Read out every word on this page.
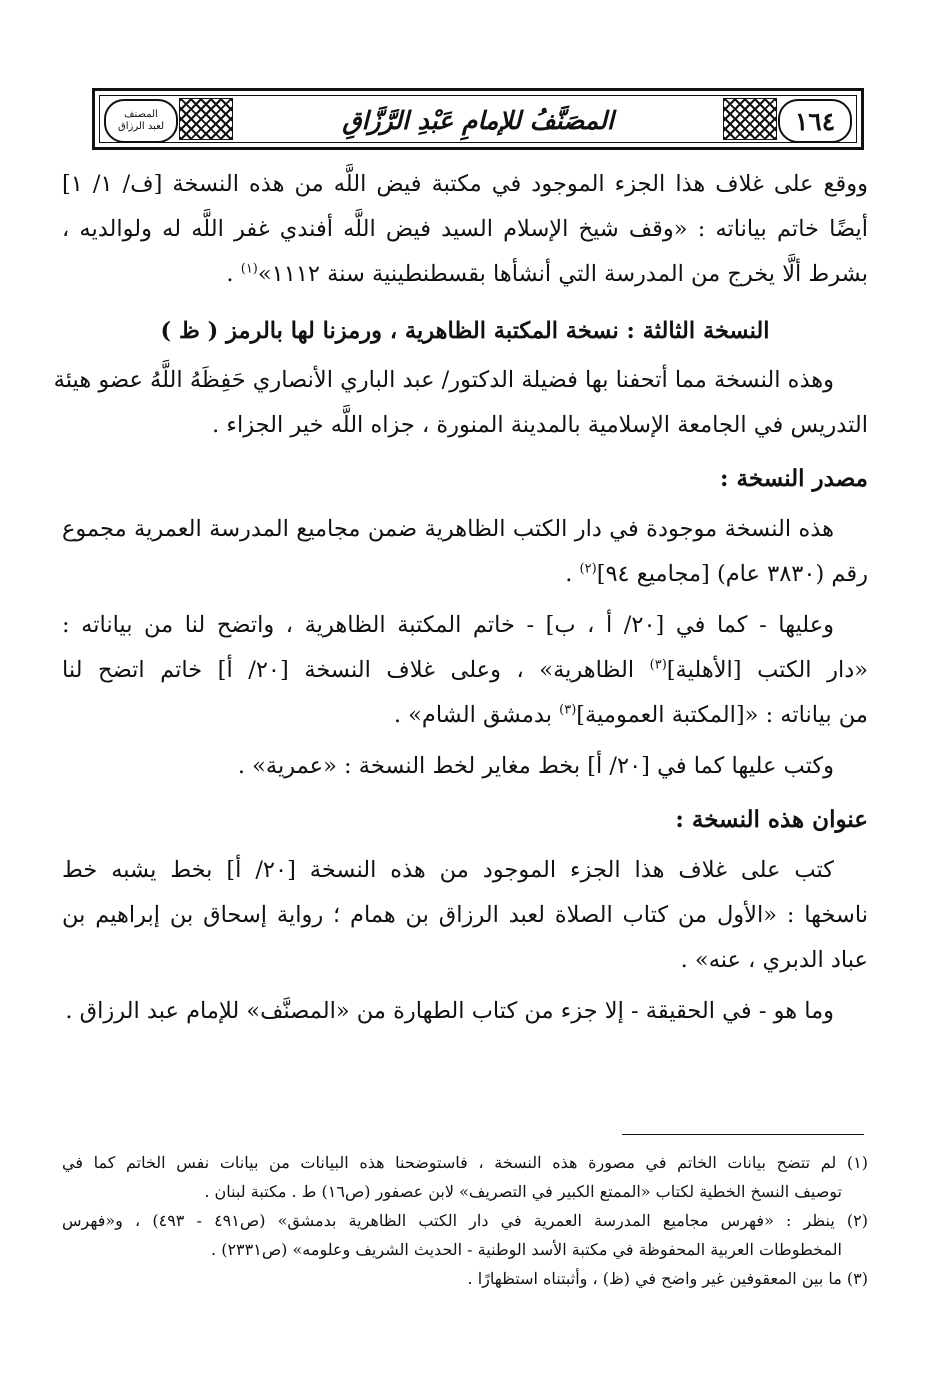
١٦٤
المصَنَّفُ للإمامِ عَبْدِ الرَّزَّاقِ
المصنف
لعبد الرزاق
ووقع على غلاف هذا الجزء الموجود في مكتبة فيض اللَّه من هذه النسخة [ف/ ١/ ١]
أيضًا خاتم بياناته : «وقف شيخ الإسلام السيد فيض اللَّه أفندي غفر اللَّه له ولوالديه ،
بشرط ألَّا يخرج من المدرسة التي أنشأها بقسطنطينية سنة ١١١٢»$^{(١)}$ .
النسخة الثالثة : نسخة المكتبة الظاهرية ، ورمزنا لها بالرمز ( ظ )
وهذه النسخة مما أتحفنا بها فضيلة الدكتور/ عبد الباري الأنصاري حَفِظَهُ اللَّهُ عضو هيئة
التدريس في الجامعة الإسلامية بالمدينة المنورة ، جزاه اللَّه خير الجزاء .
مصدر النسخة :
هذه النسخة موجودة في دار الكتب الظاهرية ضمن مجاميع المدرسة العمرية مجموع
رقم (٣٨٣٠ عام) [مجاميع ٩٤]$^{(٢)}$ .
وعليها - كما في [٢٠/ أ ، ب] - خاتم المكتبة الظاهرية ، واتضح لنا من بياناته :
«دار الكتب [الأهلية]$^{(٣)}$ الظاهرية» ، وعلى غلاف النسخة [٢٠/ أ] خاتم اتضح لنا
من بياناته : «[المكتبة العمومية]$^{(٣)}$ بدمشق الشام» .
وكتب عليها كما في [٢٠/ أ] بخط مغاير لخط النسخة : «عمرية» .
عنوان هذه النسخة :
كتب على غلاف هذا الجزء الموجود من هذه النسخة [٢٠/ أ] بخط يشبه خط
ناسخها : «الأول من كتاب الصلاة لعبد الرزاق بن همام ؛ رواية إسحاق بن إبراهيم بن
عباد الدبري ، عنه» .
وما هو - في الحقيقة - إلا جزء من كتاب الطهارة من «المصنَّف» للإمام عبد الرزاق .
(١) لم تتضح بيانات الخاتم في مصورة هذه النسخة ، فاستوضحنا هذه البيانات من بيانات نفس الخاتم كما في
توصيف النسخ الخطية لكتاب «الممتع الكبير في التصريف» لابن عصفور (ص١٦) ط . مكتبة لبنان .
(٢) ينظر : «فهرس مجاميع المدرسة العمرية في دار الكتب الظاهرية بدمشق» (ص٤٩١ - ٤٩٣) ، و«فهرس
المخطوطات العربية المحفوظة في مكتبة الأسد الوطنية - الحديث الشريف وعلومه» (ص٢٣٣١) .
(٣) ما بين المعقوفين غير واضح في (ظ) ، وأثبتناه استظهارًا .
